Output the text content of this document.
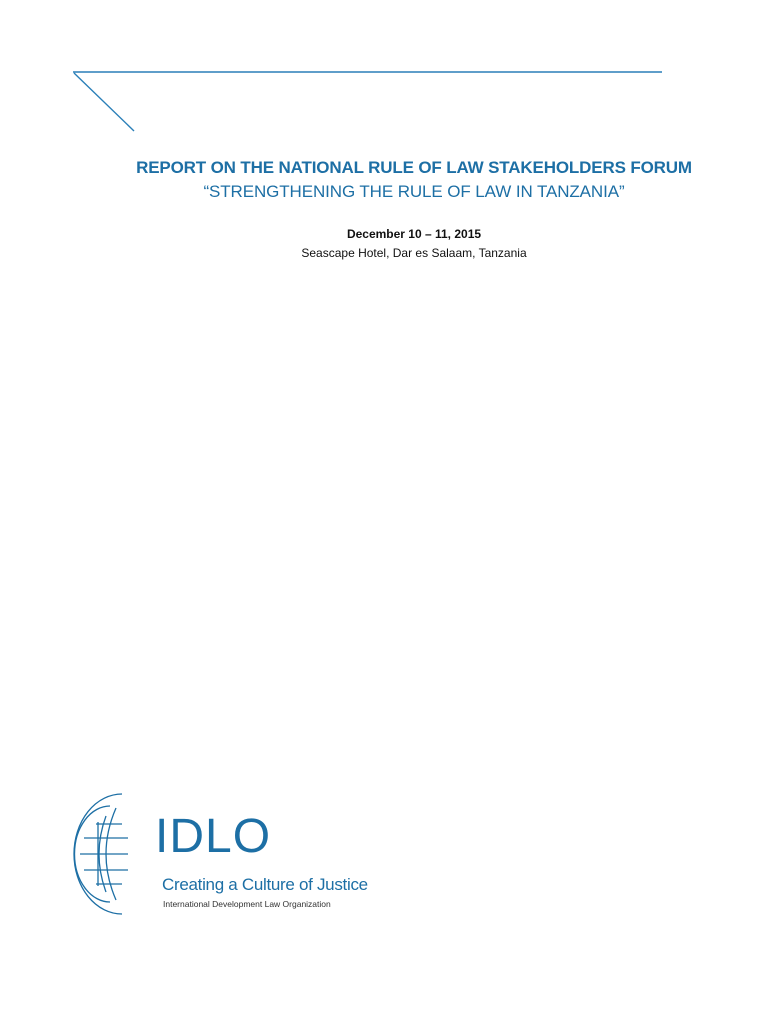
REPORT ON THE NATIONAL RULE OF LAW STAKEHOLDERS FORUM

“STRENGTHENING THE RULE OF LAW IN TANZANIA”

December 10 – 11, 2015

Seascape Hotel, Dar es Salaam, Tanzania

IDLO
Creating a Culture of Justice
International Development Law Organization
